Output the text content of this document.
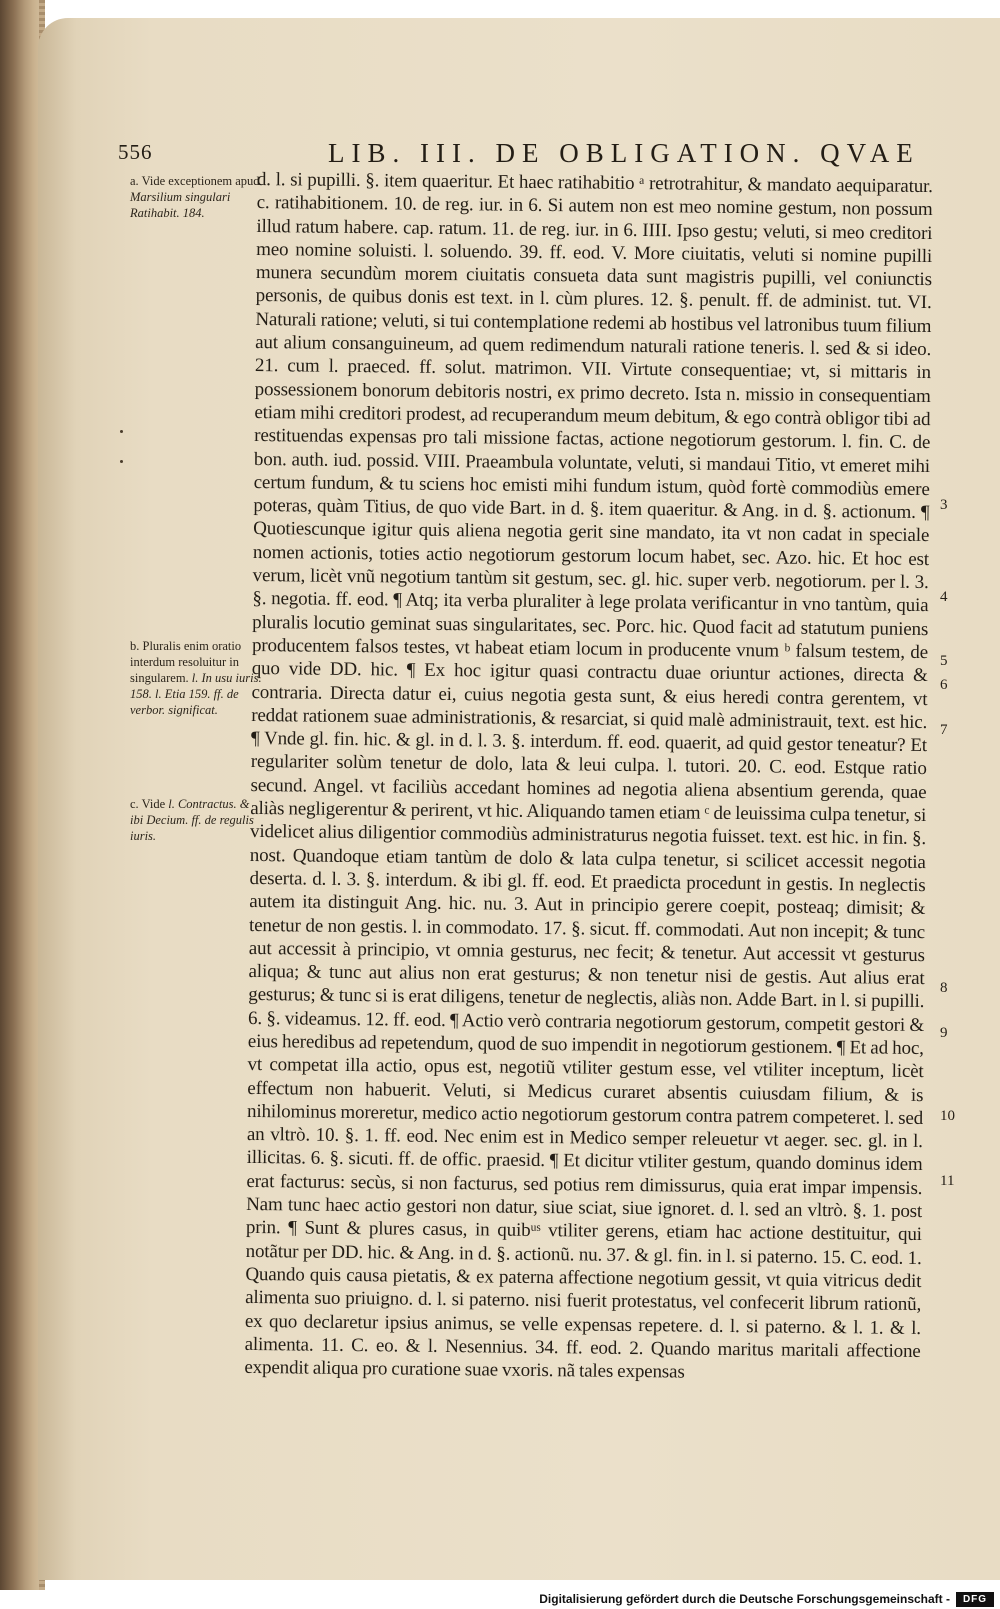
556	LIB. III. DE OBLIGATION. QVAE
a. Vide exceptionem apud Marsilium singulari Ratihabit. 184.
b. Pluralis enim oratio interdum resoluitur in singularem. l. In usu iuris. 158. l. Etia 159. ff. de verbor. significat.
c. Vide l. Contractus. & ibi Decium. ff. de regulis iuris.
d. l. si pupilli. §. item quaeritur. Et haec ratihabitio ᵃ retrotrahitur, & mandato aequiparatur. c. ratihabitionem. 10. de reg. iur. in 6. Si autem non est meo nomine gestum, non possum illud ratum habere. cap. ratum. 11. de reg. iur. in 6. IIII. Ipso gestu; veluti, si meo creditori meo nomine soluisti. l. soluendo. 39. ff. eod. V. More ciuitatis, veluti si nomine pupilli munera secundùm morem ciuitatis consueta data sunt magistris pupilli, vel coniunctis personis, de quibus donis est text. in l. cùm plures. 12. §. penult. ff. de administ. tut. VI. Naturali ratione; veluti, si tui contemplatione redemi ab hostibus vel latronibus tuum filium aut alium consanguineum, ad quem redimendum naturali ratione teneris. l. sed & si ideo. 21. cum l. praeced. ff. solut. matrimon. VII. Virtute consequentiae; vt, si mittaris in possessionem bonorum debitoris nostri, ex primo decreto. Ista n. missio in consequentiam etiam mihi creditori prodest, ad recuperandum meum debitum, & ego contrà obligor tibi ad restituendas expensas pro tali missione factas, actione negotiorum gestorum. l. fin. C. de bon. auth. iud. possid. VIII. Praeambula voluntate, veluti, si mandaui Titio, vt emeret mihi certum fundum, & tu sciens hoc emisti mihi fundum istum, quòd fortè commodiùs emere poteras, quàm Titius, de quo vide Bart. in d. §. item quaeritur. & Ang. in d. §. actionum. ¶ Quotiescunque igitur quis aliena negotia gerit sine mandato, ita vt non cadat in speciale nomen actionis, toties actio negotiorum gestorum locum habet, sec. Azo. hic. Et hoc est verum, licèt vnũ negotium tantùm sit gestum, sec. gl. hic. super verb. negotiorum. per l. 3. §. negotia. ff. eod. ¶ Atq; ita verba pluraliter à lege prolata verificantur in vno tantùm, quia pluralis locutio geminat suas singularitates, sec. Porc. hic. Quod facit ad statutum puniens producentem falsos testes, vt habeat etiam locum in producente vnum ᵇ falsum testem, de quo vide DD. hic. ¶ Ex hoc igitur quasi contractu duae oriuntur actiones, directa & contraria. Directa datur ei, cuius negotia gesta sunt, & eius heredi contra gerentem, vt reddat rationem suae administrationis, & resarciat, si quid malè administrauit, text. est hic. ¶ Vnde gl. fin. hic. & gl. in d. l. 3. §. interdum. ff. eod. quaerit, ad quid gestor teneatur? Et regulariter solùm tenetur de dolo, lata & leui culpa. l. tutori. 20. C. eod. Estque ratio secund. Angel. vt faciliùs accedant homines ad negotia aliena absentium gerenda, quae aliàs negligerentur & perirent, vt hic. Aliquando tamen etiam ᶜ de leuissima culpa tenetur, si videlicet alius diligentior commodiùs administraturus negotia fuisset. text. est hic. in fin. §. nost. Quandoque etiam tantùm de dolo & lata culpa tenetur, si scilicet accessit negotia deserta. d. l. 3. §. interdum. & ibi gl. ff. eod. Et praedicta procedunt in gestis. In neglectis autem ita distinguit Ang. hic. nu. 3. Aut in principio gerere coepit, posteaq; dimisit; & tenetur de non gestis. l. in commodato. 17. §. sicut. ff. commodati. Aut non incepit; & tunc aut accessit à principio, vt omnia gesturus, nec fecit; & tenetur. Aut accessit vt gesturus aliqua; & tunc aut alius non erat gesturus; & non tenetur nisi de gestis. Aut alius erat gesturus; & tunc si is erat diligens, tenetur de neglectis, aliàs non. Adde Bart. in l. si pupilli. 6. §. videamus. 12. ff. eod. ¶ Actio verò contraria negotiorum gestorum, competit gestori & eius heredibus ad repetendum, quod de suo impendit in negotiorum gestionem. ¶ Et ad hoc, vt competat illa actio, opus est, negotiũ vtiliter gestum esse, vel vtiliter inceptum, licèt effectum non habuerit. Veluti, si Medicus curaret absentis cuiusdam filium, & is nihilominus moreretur, medico actio negotiorum gestorum contra patrem competeret. l. sed an vltrò. 10. §. 1. ff. eod. Nec enim est in Medico semper releuetur vt aeger. sec. gl. in l. illicitas. 6. §. sicuti. ff. de offic. praesid. ¶ Et dicitur vtiliter gestum, quando dominus idem erat facturus: secùs, si non facturus, sed potius rem dimissurus, quia erat impar impensis. Nam tunc haec actio gestori non datur, siue sciat, siue ignoret. d. l. sed an vltrò. §. 1. post prin. ¶ Sunt & plures casus, in quibᵘˢ vtiliter gerens, etiam hac actione destituitur, qui notãtur per DD. hic. & Ang. in d. §. actionũ. nu. 37. & gl. fin. in l. si paterno. 15. C. eod. 1. Quando quis causa pietatis, & ex paterna affectione negotium gessit, vt quia vitricus dedit alimenta suo priuigno. d. l. si paterno. nisi fuerit protestatus, vel confecerit librum rationũ, ex quo declaretur ipsius animus, se velle expensas repetere. d. l. si paterno. & l. 1. & l. alimenta. 11. C. eo. & l. Nesennius. 34. ff. eod. 2. Quando maritus maritali affectione expendit aliqua pro curatione suae vxoris. nã tales expensas
3
4
5
6
7
8
9
10
11
Digitalisierung gefördert durch die Deutsche Forschungsgemeinschaft -	DFG
